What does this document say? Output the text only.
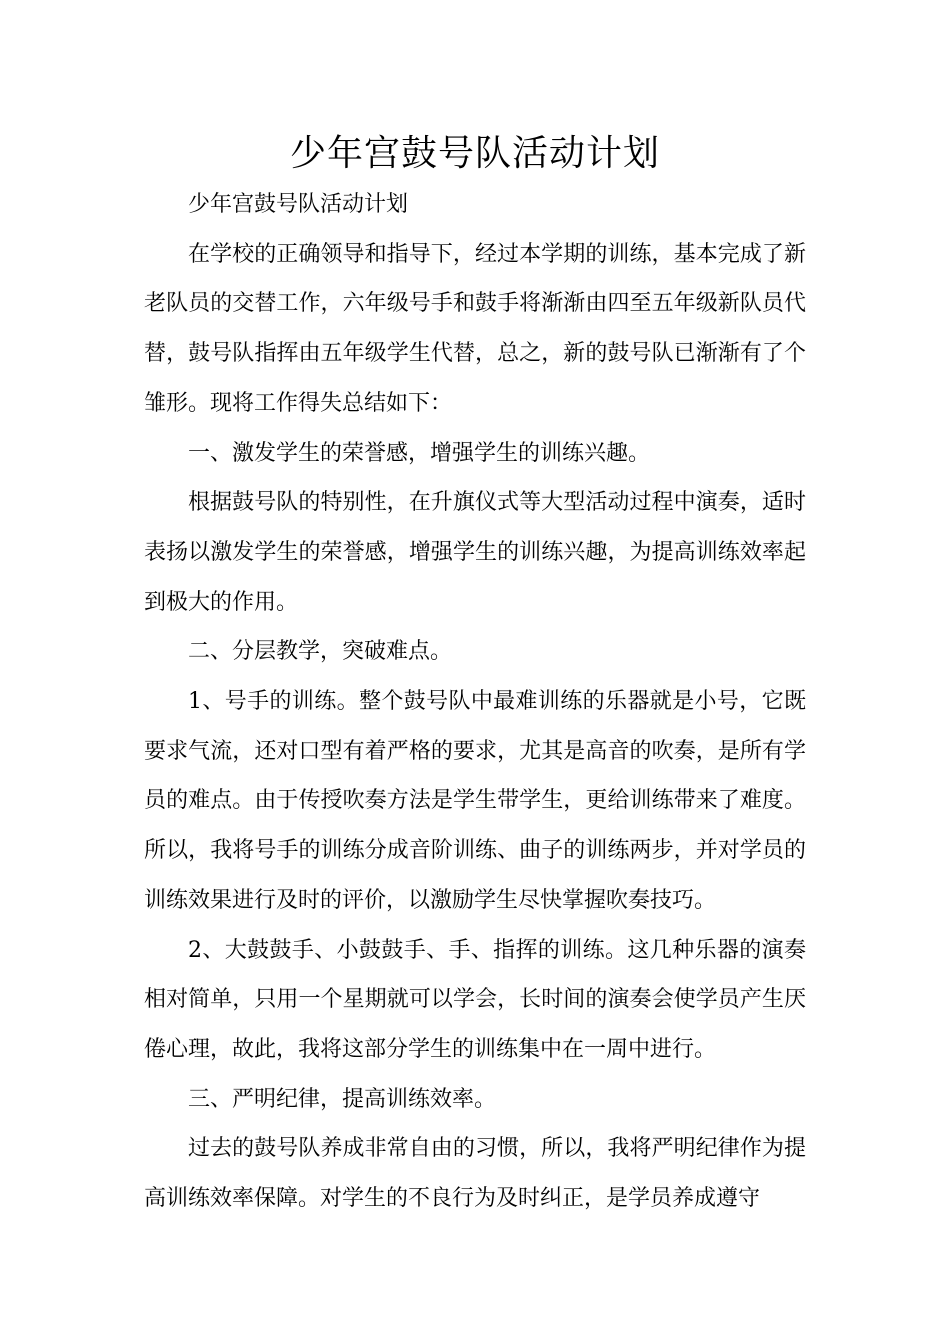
少年宫鼓号队活动计划

少年宫鼓号队活动计划

在学校的正确领导和指导下，经过本学期的训练，基本完成了新老队员的交替工作，六年级号手和鼓手将渐渐由四至五年级新队员代替，鼓号队指挥由五年级学生代替，总之，新的鼓号队已渐渐有了个雏形。现将工作得失总结如下：

一、激发学生的荣誉感，增强学生的训练兴趣。

根据鼓号队的特别性，在升旗仪式等大型活动过程中演奏，适时表扬以激发学生的荣誉感，增强学生的训练兴趣，为提高训练效率起到极大的作用。

二、分层教学，突破难点。

1、号手的训练。整个鼓号队中最难训练的乐器就是小号，它既要求气流，还对口型有着严格的要求，尤其是高音的吹奏，是所有学员的难点。由于传授吹奏方法是学生带学生，更给训练带来了难度。所以，我将号手的训练分成音阶训练、曲子的训练两步，并对学员的训练效果进行及时的评价，以激励学生尽快掌握吹奏技巧。

2、大鼓鼓手、小鼓鼓手、手、指挥的训练。这几种乐器的演奏相对简单，只用一个星期就可以学会，长时间的演奏会使学员产生厌倦心理，故此，我将这部分学生的训练集中在一周中进行。

三、严明纪律，提高训练效率。

过去的鼓号队养成非常自由的习惯，所以，我将严明纪律作为提高训练效率保障。对学生的不良行为及时纠正，是学员养成遵守
